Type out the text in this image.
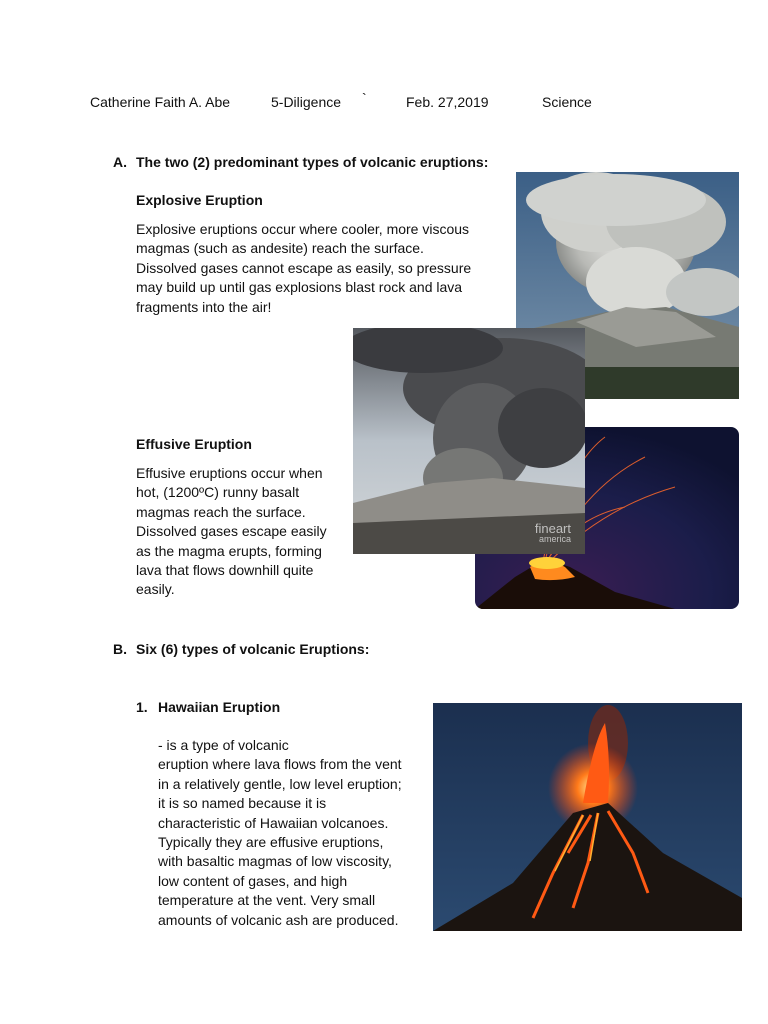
Catherine Faith A. Abe	5-Diligence `	Feb. 27,2019	Science
A. The two (2) predominant types of volcanic eruptions:
Explosive Eruption
Explosive eruptions occur where cooler, more viscous
magmas (such as andesite) reach the surface.
Dissolved gases cannot escape as easily, so pressure
may build up until gas explosions blast rock and lava
fragments into the air!
fineart
america
Effusive Eruption
Effusive eruptions occur when
hot, (1200ºC) runny basalt
magmas reach the surface.
Dissolved gases escape easily
as the magma erupts, forming
lava that flows downhill quite
easily.
B. Six (6) types of volcanic Eruptions:
1. Hawaiian Eruption
- is a type of volcanic
eruption where lava flows from the vent
in a relatively gentle, low level eruption;
it is so named because it is
characteristic of Hawaiian volcanoes.
Typically they are effusive eruptions,
with basaltic magmas of low viscosity,
low content of gases, and high
temperature at the vent. Very small
amounts of volcanic ash are produced.
